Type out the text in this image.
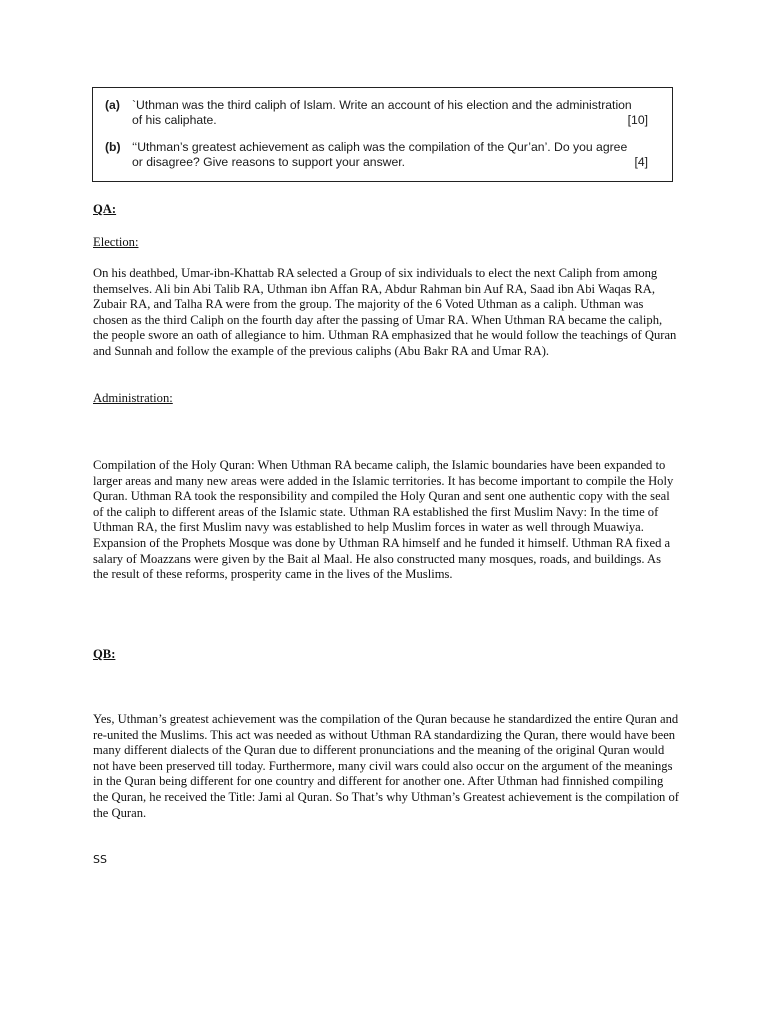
(a) `Uthman was the third caliph of Islam. Write an account of his election and the administration
of his caliphate.	[10]
(b) ‘‘Uthman’s greatest achievement as caliph was the compilation of the Qur’an’. Do you agree
or disagree? Give reasons to support your answer.	[4]
QA:
Election:

On his deathbed, Umar-ibn-Khattab RA selected a Group of six individuals to elect the next Caliph from among themselves. Ali bin Abi Talib RA, Uthman ibn Affan RA, Abdur Rahman bin Auf RA, Saad ibn Abi Waqas RA, Zubair RA, and Talha RA were from the group. The majority of the 6 Voted Uthman as a caliph. Uthman was chosen as the third Caliph on the fourth day after the passing of Umar RA. When Uthman RA became the caliph, the people swore an oath of allegiance to him. Uthman RA emphasized that he would follow the teachings of Quran and Sunnah and follow the example of the previous caliphs (Abu Bakr RA and Umar RA).

Administration:

Compilation of the Holy Quran: When Uthman RA became caliph, the Islamic boundaries have been expanded to larger areas and many new areas were added in the Islamic territories. It has become important to compile the Holy Quran. Uthman RA took the responsibility and compiled the Holy Quran and sent one authentic copy with the seal of the caliph to different areas of the Islamic state. Uthman RA established the first Muslim Navy: In the time of Uthman RA, the first Muslim navy was established to help Muslim forces in water as well through Muawiya. Expansion of the Prophets Mosque was done by Uthman RA himself and he funded it himself. Uthman RA fixed a salary of Moazzans were given by the Bait al Maal. He also constructed many mosques, roads, and buildings. As the result of these reforms, prosperity came in the lives of the Muslims.

QB:

Yes, Uthman’s greatest achievement was the compilation of the Quran because he standardized the entire Quran and re-united the Muslims. This act was needed as without Uthman RA standardizing the Quran, there would have been many different dialects of the Quran due to different pronunciations and the meaning of the original Quran would not have been preserved till today. Furthermore, many civil wars could also occur on the argument of the meanings in the Quran being different for one country and different for another one. After Uthman had finnished compiling the Quran, he received the Title: Jami al Quran. So That’s why Uthman’s Greatest achievement is the compilation of the Quran.

SS
